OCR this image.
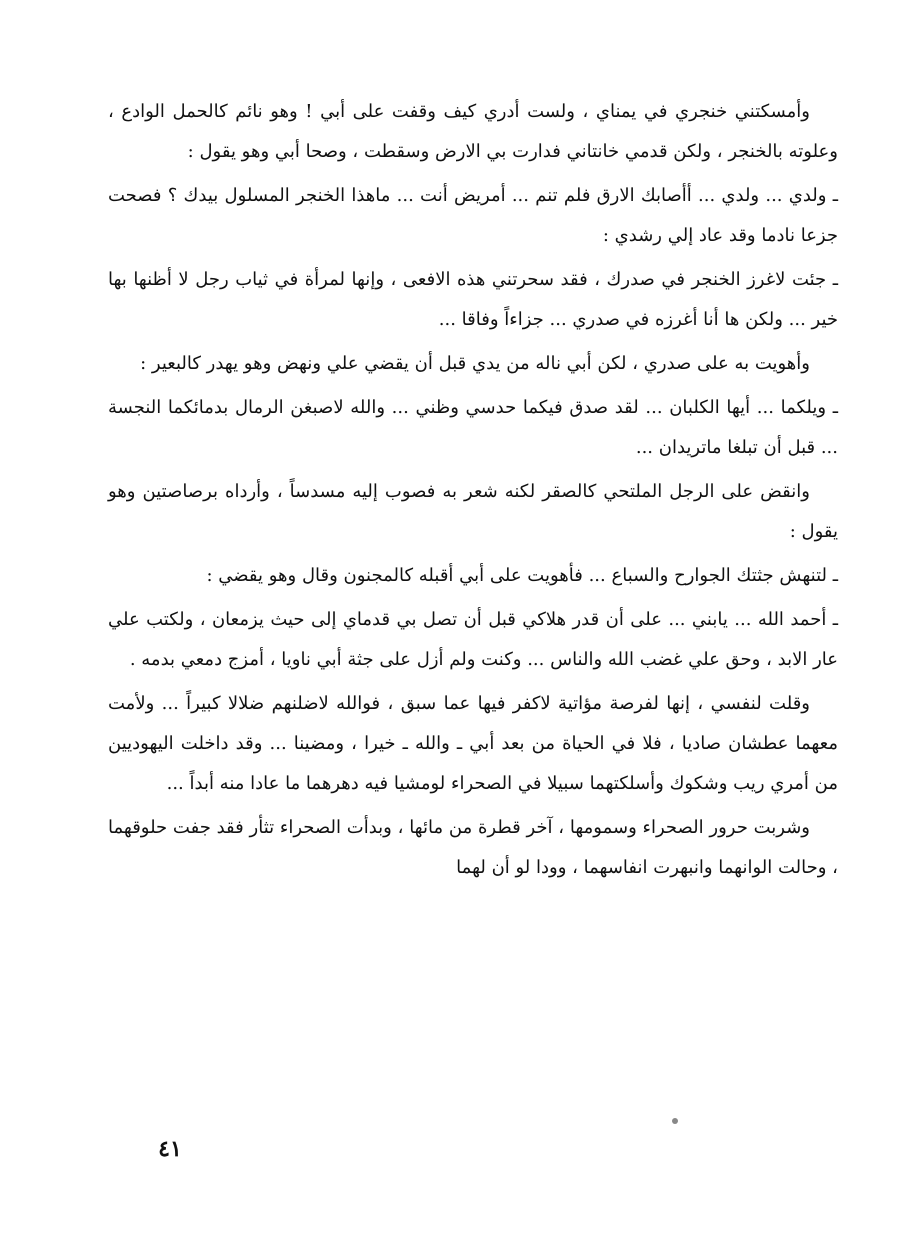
وأمسكتني خنجري في يمناي ، ولست أدري كيف وقفت على أبي ! وهو نائم كالحمل الوادع ، وعلوته بالخنجر ، ولكن قدمي خانتاني فدارت بي الارض وسقطت ، وصحا أبي وهو يقول :

ـ ولدي ... ولدي ... أأصابك الارق فلم تنم ... أمريض أنت ... ماهذا الخنجر المسلول بيدك ؟ فصحت جزعا نادما وقد عاد إلي رشدي :

ـ جئت لاغرز الخنجر في صدرك ، فقد سحرتني هذه الافعى ، وإنها لمرأة في ثياب رجل لا أظنها بها خير ... ولكن ها أنا أغرزه في صدري ... جزاءاً وفاقا ...

وأهويت به على صدري ، لكن أبي ناله من يدي قبل أن يقضي علي ونهض وهو يهدر كالبعير :

ـ ويلكما ... أيها الكلبان ... لقد صدق فيكما حدسي وظني ... والله لاصبغن الرمال بدمائكما النجسة ... قبل أن تبلغا ماتريدان ...

وانقض على الرجل الملتحي كالصقر لكنه شعر به فصوب إليه مسدساً ، وأرداه برصاصتين وهو يقول :

ـ لتنهش جثتك الجوارح والسباع ... فأهويت على أبي أقبله كالمجنون وقال وهو يقضي :

ـ أحمد الله ... يابني ... على أن قدر هلاكي قبل أن تصل بي قدماي إلى حيث يزمعان ، ولكتب علي عار الابد ، وحق علي غضب الله والناس ... وكنت ولم أزل على جثة أبي ناويا ، أمزج دمعي بدمه .

وقلت لنفسي ، إنها لفرصة مؤاتية لاكفر فيها عما سبق ، فوالله لاضلنهم ضلالا كبيراً ... ولأمت معهما عطشان صاديا ، فلا في الحياة من بعد أبي ـ والله ـ خيرا ، ومضينا ... وقد داخلت اليهوديين من أمري ريب وشكوك وأسلكتهما سبيلا في الصحراء لومشيا فيه دهرهما ما عادا منه أبداً ...

وشربت حرور الصحراء وسمومها ، آخر قطرة من مائها ، وبدأت الصحراء تثأر فقد جفت حلوقهما ، وحالت الوانهما وانبهرت انفاسهما ، وودا لو أن لهما

٤١
